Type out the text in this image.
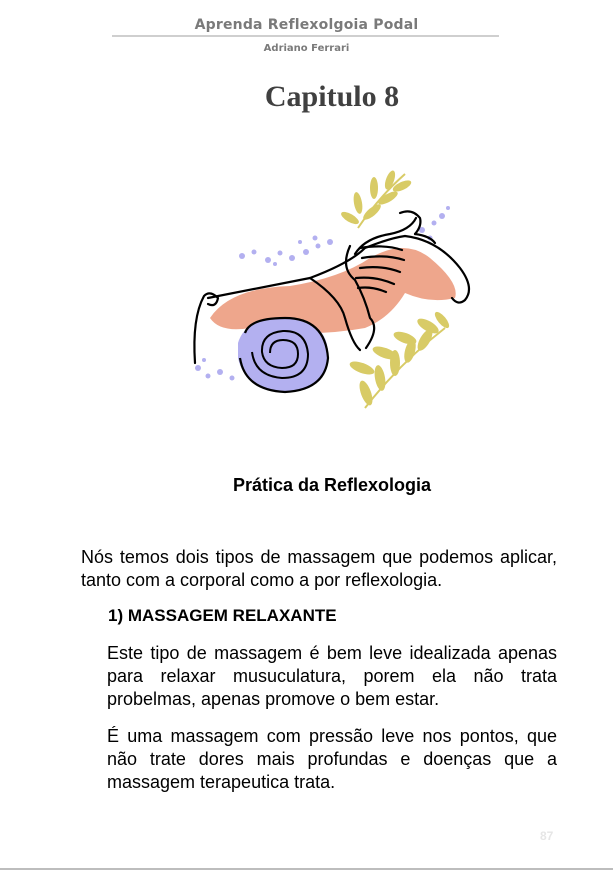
Aprenda Reflexolgoia Podal
Adriano Ferrari
Capitulo 8
Prática da Reflexologia
Nós temos dois tipos de massagem que podemos aplicar, tanto com a corporal como a por reflexologia.
1) MASSAGEM RELAXANTE
Este tipo de massagem é bem leve idealizada apenas para relaxar musuculatura, porem ela não trata probelmas, apenas promove o bem estar.
É uma massagem com pressão leve nos pontos, que não trate dores mais profundas e doenças que a massagem terapeutica trata.
87
